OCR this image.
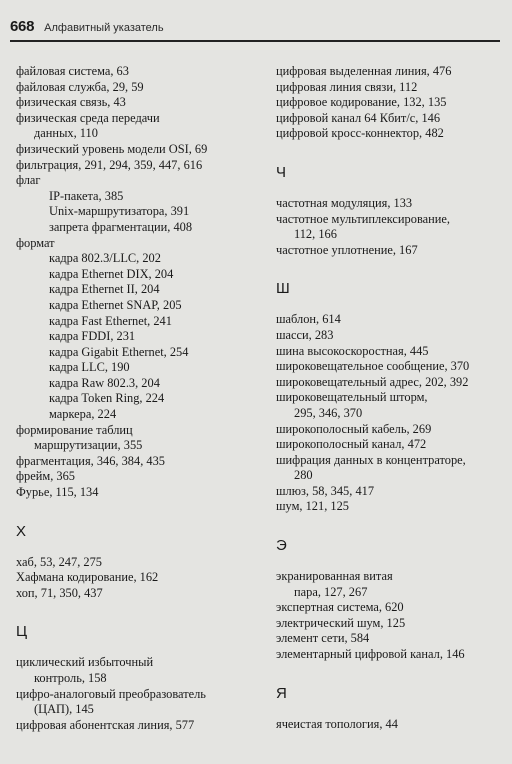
668 Алфавитный указатель
файловая система, 63
файловая служба, 29, 59
физическая связь, 43
физическая среда передачи
данных, 110
физический уровень модели OSI, 69
фильтрация, 291, 294, 359, 447, 616
флаг
IP-пакета, 385
Unix-маршрутизатора, 391
запрета фрагментации, 408
формат
кадра 802.3/LLC, 202
кадра Ethernet DIX, 204
кадра Ethernet II, 204
кадра Ethernet SNAP, 205
кадра Fast Ethernet, 241
кадра FDDI, 231
кадра Gigabit Ethernet, 254
кадра LLC, 190
кадра Raw 802.3, 204
кадра Token Ring, 224
маркера, 224
формирование таблиц
маршрутизации, 355
фрагментация, 346, 384, 435
фрейм, 365
Фурье, 115, 134
Х
хаб, 53, 247, 275
Хафмана кодирование, 162
хоп, 71, 350, 437
Ц
циклический избыточный
контроль, 158
цифро-аналоговый преобразователь
(ЦАП), 145
цифровая абонентская линия, 577
цифровая выделенная линия, 476
цифровая линия связи, 112
цифровое кодирование, 132, 135
цифровой канал 64 Кбит/с, 146
цифровой кросс-коннектор, 482
Ч
частотная модуляция, 133
частотное мультиплексирование,
112, 166
частотное уплотнение, 167
Ш
шаблон, 614
шасси, 283
шина высокоскоростная, 445
широковещательное сообщение, 370
широковещательный адрес, 202, 392
широковещательный шторм,
295, 346, 370
широкополосный кабель, 269
широкополосный канал, 472
шифрация данных в концентраторе,
280
шлюз, 58, 345, 417
шум, 121, 125
Э
экранированная витая
пара, 127, 267
экспертная система, 620
электрический шум, 125
элемент сети, 584
элементарный цифровой канал, 146
Я
ячеистая топология, 44
